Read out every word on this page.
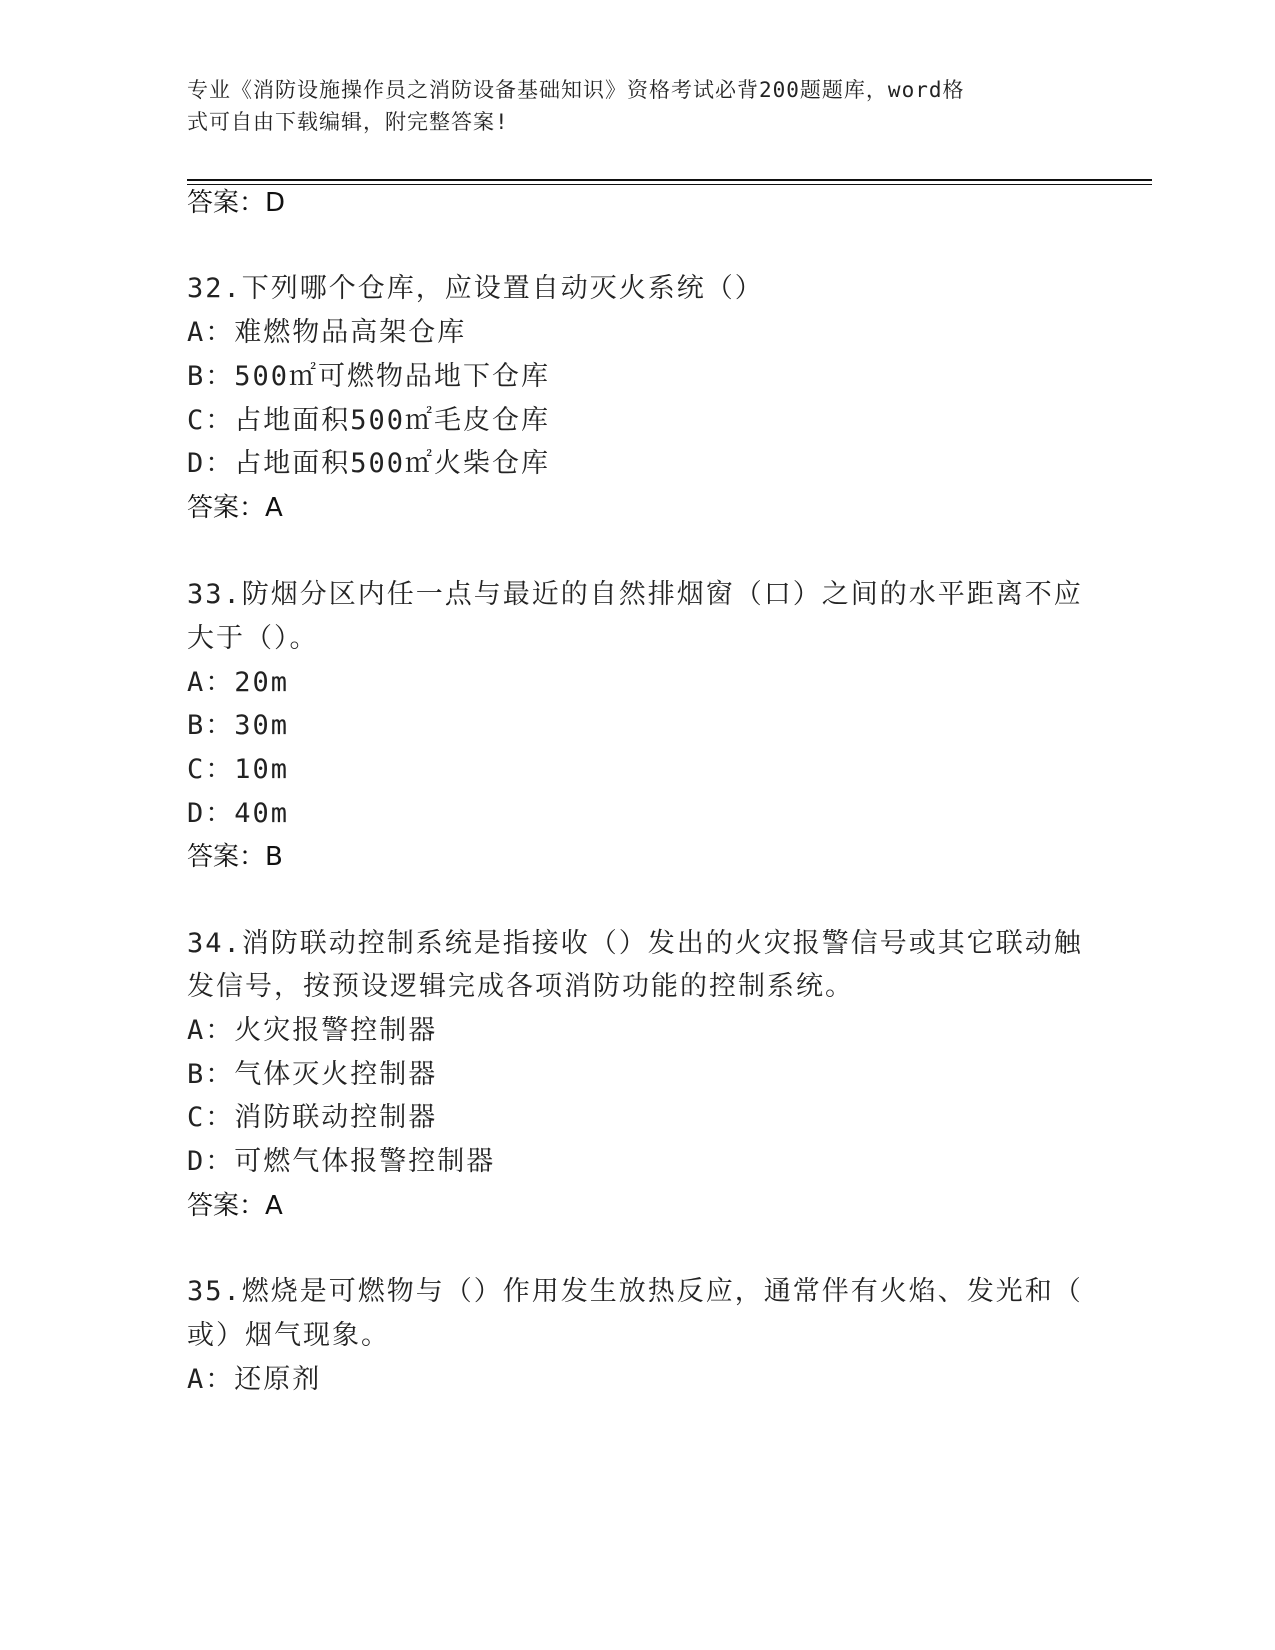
专业《消防设施操作员之消防设备基础知识》资格考试必背200题题库，word格
式可自由下载编辑，附完整答案!
答案：D
32.下列哪个仓库，应设置自动灭火系统（）
A：难燃物品高架仓库
B：500㎡可燃物品地下仓库
C：占地面积500㎡毛皮仓库
D：占地面积500㎡火柴仓库
答案：A
33.防烟分区内任一点与最近的自然排烟窗（口）之间的水平距离不应
大于（）。
A：20m
B：30m
C：10m
D：40m
答案：B
34.消防联动控制系统是指接收（）发出的火灾报警信号或其它联动触
发信号，按预设逻辑完成各项消防功能的控制系统。
A：火灾报警控制器
B：气体灭火控制器
C：消防联动控制器
D：可燃气体报警控制器
答案：A
35.燃烧是可燃物与（）作用发生放热反应，通常伴有火焰、发光和（
或）烟气现象。
A：还原剂
